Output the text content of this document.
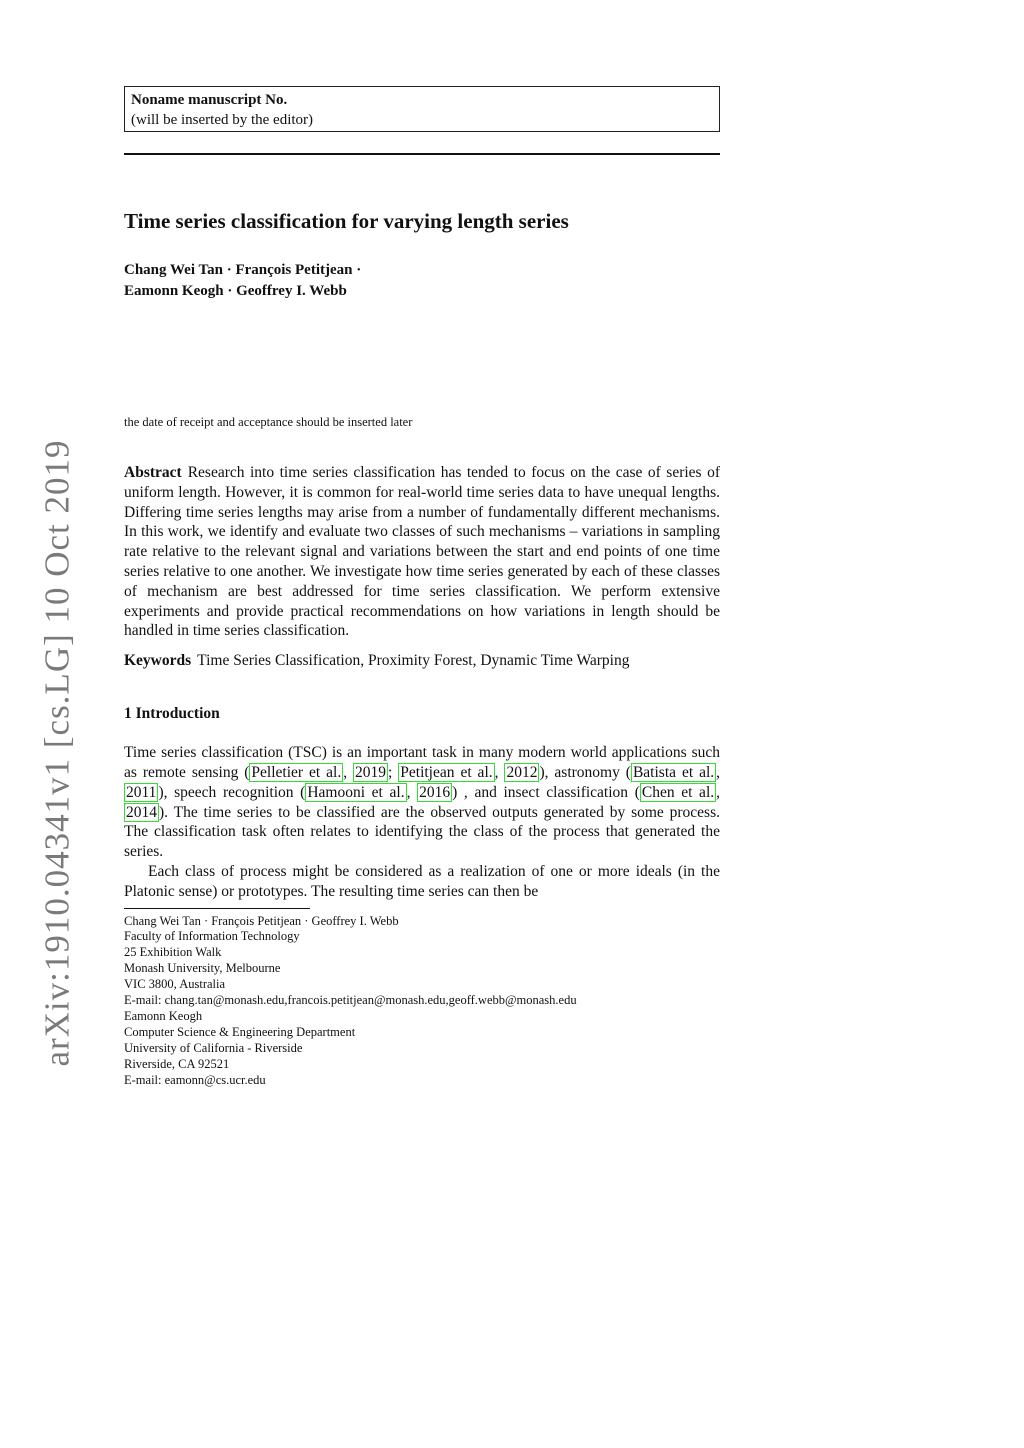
arXiv:1910.04341v1 [cs.LG] 10 Oct 2019
Noname manuscript No.
(will be inserted by the editor)
Time series classification for varying length series
Chang Wei Tan · François Petitjean ·
Eamonn Keogh · Geoffrey I. Webb
the date of receipt and acceptance should be inserted later
Abstract Research into time series classification has tended to focus on the case of series of uniform length. However, it is common for real-world time series data to have unequal lengths. Differing time series lengths may arise from a number of fundamentally different mechanisms. In this work, we identify and evaluate two classes of such mechanisms – variations in sampling rate relative to the relevant signal and variations between the start and end points of one time series relative to one another. We investigate how time series generated by each of these classes of mechanism are best addressed for time series classification. We perform extensive experiments and provide practical recommendations on how variations in length should be handled in time series classification.
Keywords Time Series Classification, Proximity Forest, Dynamic Time Warping
1 Introduction
Time series classification (TSC) is an important task in many modern world applications such as remote sensing ( Pelletier et al. , 2019 ; Petitjean et al. , 2012 ), astronomy ( Batista et al. , 2011 ), speech recognition ( Hamooni et al. , 2016 ) , and insect classification ( Chen et al. , 2014 ). The time series to be classified are the observed outputs generated by some process. The classification task often relates to identifying the class of the process that generated the series.
Each class of process might be considered as a realization of one or more ideals (in the Platonic sense) or prototypes. The resulting time series can then be
Chang Wei Tan · François Petitjean · Geoffrey I. Webb
Faculty of Information Technology
25 Exhibition Walk
Monash University, Melbourne
VIC 3800, Australia
E-mail: chang.tan@monash.edu,francois.petitjean@monash.edu,geoff.webb@monash.edu
Eamonn Keogh
Computer Science & Engineering Department
University of California - Riverside
Riverside, CA 92521
E-mail: eamonn@cs.ucr.edu
